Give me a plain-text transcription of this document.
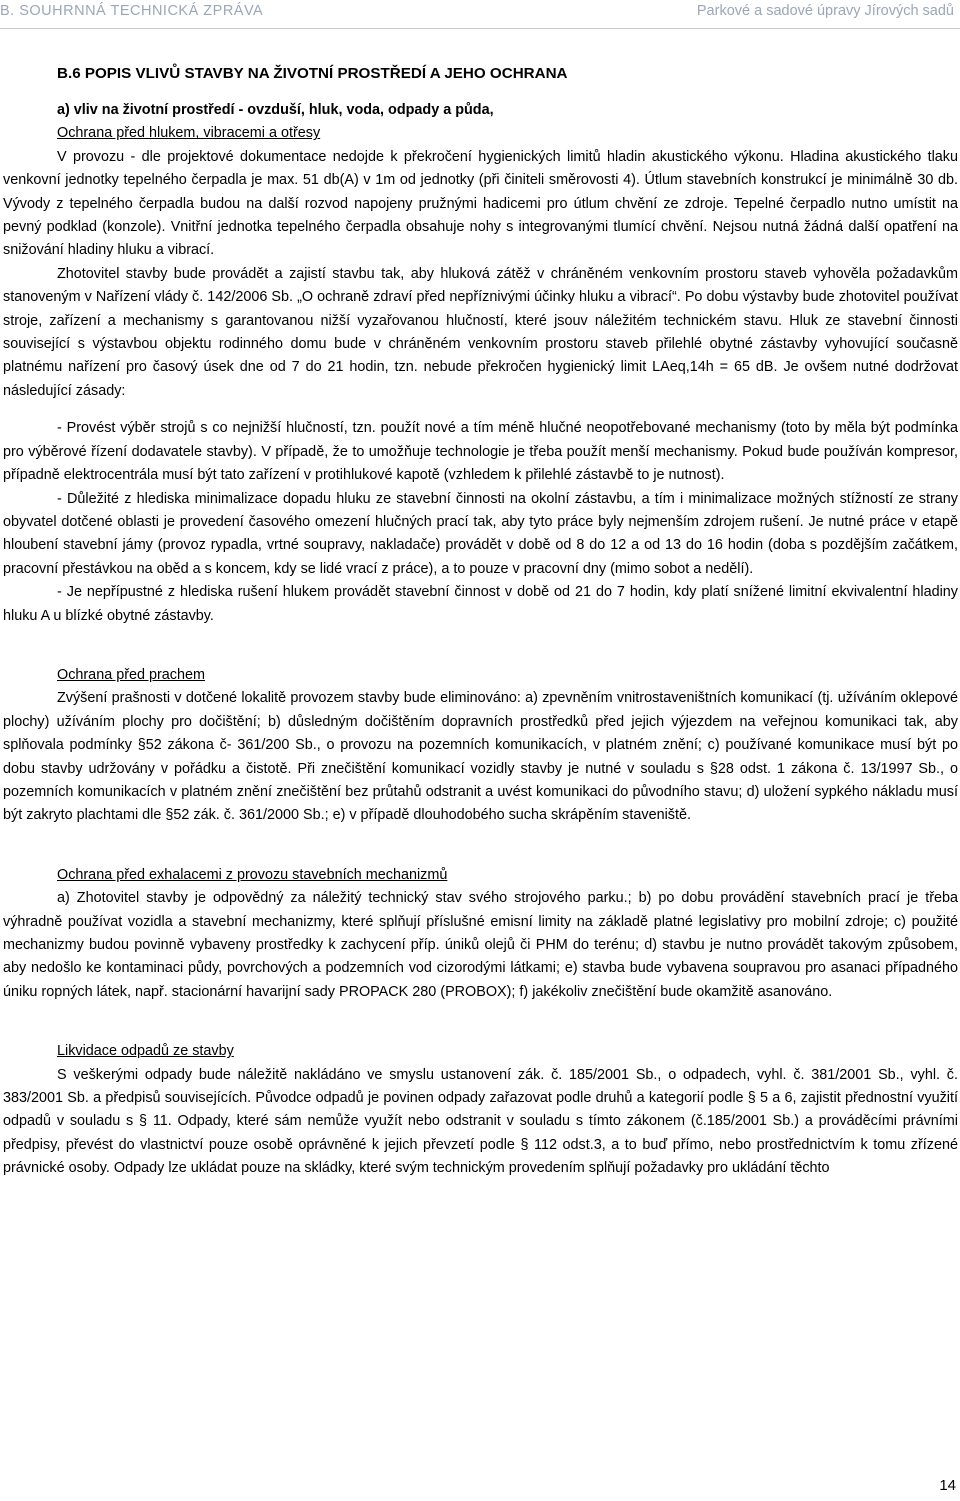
B. SOUHRNNÁ TECHNICKÁ ZPRÁVA	Parkové a sadové úpravy Jírových sadů

B.6 POPIS VLIVŮ STAVBY NA ŽIVOTNÍ PROSTŘEDÍ A JEHO OCHRANA

a) vliv na životní prostředí - ovzduší, hluk, voda, odpady a půda,

Ochrana před hlukem, vibracemi a otřesy

V provozu - dle projektové dokumentace nedojde k překročení hygienických limitů hladin akustického výkonu. Hladina akustického tlaku venkovní jednotky tepelného čerpadla je max. 51 db(A) v 1m od jednotky (při činiteli směrovosti 4). Útlum stavebních konstrukcí je minimálně 30 db. Vývody z tepelného čerpadla budou na další rozvod napojeny pružnými hadicemi pro útlum chvění ze zdroje. Tepelné čerpadlo nutno umístit na pevný podklad (konzole). Vnitřní jednotka tepelného čerpadla obsahuje nohy s integrovanými tlumící chvění. Nejsou nutná žádná další opatření na snižování hladiny hluku a vibrací.

Zhotovitel stavby bude provádět a zajistí stavbu tak, aby hluková zátěž v chráněném venkovním prostoru staveb vyhověla požadavkům stanoveným v Nařízení vlády č. 142/2006 Sb. „O ochraně zdraví před nepříznivými účinky hluku a vibrací“. Po dobu výstavby bude zhotovitel používat stroje, zařízení a mechanismy s garantovanou nižší vyzařovanou hlučností, které jsouv náležitém technickém stavu. Hluk ze stavební činnosti související s výstavbou objektu rodinného domu bude v chráněném venkovním prostoru staveb přilehlé obytné zástavby vyhovující současně platnému nařízení pro časový úsek dne od 7 do 21 hodin, tzn. nebude překročen hygienický limit LAeq,14h = 65 dB. Je ovšem nutné dodržovat následující zásady:

- Provést výběr strojů s co nejnižší hlučností, tzn. použít nové a tím méně hlučné neopotřebované mechanismy (toto by měla být podmínka pro výběrové řízení dodavatele stavby). V případě, že to umožňuje technologie je třeba použít menší mechanismy. Pokud bude používán kompresor, případně elektrocentrála musí být tato zařízení v protihlukové kapotě (vzhledem k přilehlé zástavbě to je nutnost).

- Důležité z hlediska minimalizace dopadu hluku ze stavební činnosti na okolní zástavbu, a tím i minimalizace možných stížností ze strany obyvatel dotčené oblasti je provedení časového omezení hlučných prací tak, aby tyto práce byly nejmenším zdrojem rušení. Je nutné práce v etapě hloubení stavební jámy (provoz rypadla, vrtné soupravy, nakladače) provádět v době od 8 do 12 a od 13 do 16 hodin (doba s pozdějším začátkem, pracovní přestávkou na oběd a s koncem, kdy se lidé vrací z práce), a to pouze v pracovní dny (mimo sobot a nedělí).

- Je nepřípustné z hlediska rušení hlukem provádět stavební činnost v době od 21 do 7 hodin, kdy platí snížené limitní ekvivalentní hladiny hluku A u blízké obytné zástavby.

Ochrana před prachem

Zvýšení prašnosti v dotčené lokalitě provozem stavby bude eliminováno: a) zpevněním vnitrostaveništních komunikací (tj. užíváním oklepové plochy) užíváním plochy pro dočištění; b) důsledným dočištěním dopravních prostředků před jejich výjezdem na veřejnou komunikaci tak, aby splňovala podmínky §52 zákona č- 361/200 Sb., o provozu na pozemních komunikacích, v platném znění; c) používané komunikace musí být po dobu stavby udržovány v pořádku a čistotě. Při znečištění komunikací vozidly stavby je nutné v souladu s §28 odst. 1 zákona č. 13/1997 Sb., o pozemních komunikacích v platném znění znečištění bez průtahů odstranit a uvést komunikaci do původního stavu; d) uložení sypkého nákladu musí být zakryto plachtami dle §52 zák. č. 361/2000 Sb.; e) v případě dlouhodobého sucha skrápěním staveniště.

Ochrana před exhalacemi z provozu stavebních mechanizmů

a) Zhotovitel stavby je odpovědný za náležitý technický stav svého strojového parku.; b) po dobu provádění stavebních prací je třeba výhradně používat vozidla a stavební mechanizmy, které splňují příslušné emisní limity na základě platné legislativy pro mobilní zdroje; c) použité mechanizmy budou povinně vybaveny prostředky k zachycení příp. úniků olejů či PHM do terénu; d) stavbu je nutno provádět takovým způsobem, aby nedošlo ke kontaminaci půdy, povrchových a podzemních vod cizorodými látkami; e) stavba bude vybavena soupravou pro asanaci případného úniku ropných látek, např. stacionární havarijní sady PROPACK 280 (PROBOX); f) jakékoliv znečištění bude okamžitě asanováno.

Likvidace odpadů ze stavby

S veškerými odpady bude náležitě nakládáno ve smyslu ustanovení zák. č. 185/2001 Sb., o odpadech, vyhl. č. 381/2001 Sb., vyhl. č. 383/2001 Sb. a předpisů souvisejících. Původce odpadů je povinen odpady zařazovat podle druhů a kategorií podle § 5 a 6, zajistit přednostní využití odpadů v souladu s § 11. Odpady, které sám nemůže využít nebo odstranit v souladu s tímto zákonem (č.185/2001 Sb.) a prováděcími právními předpisy, převést do vlastnictví pouze osobě oprávněné k jejich převzetí podle § 112 odst.3, a to buď přímo, nebo prostřednictvím k tomu zřízené právnické osoby. Odpady lze ukládat pouze na skládky, které svým technickým provedením splňují požadavky pro ukládání těchto

14
